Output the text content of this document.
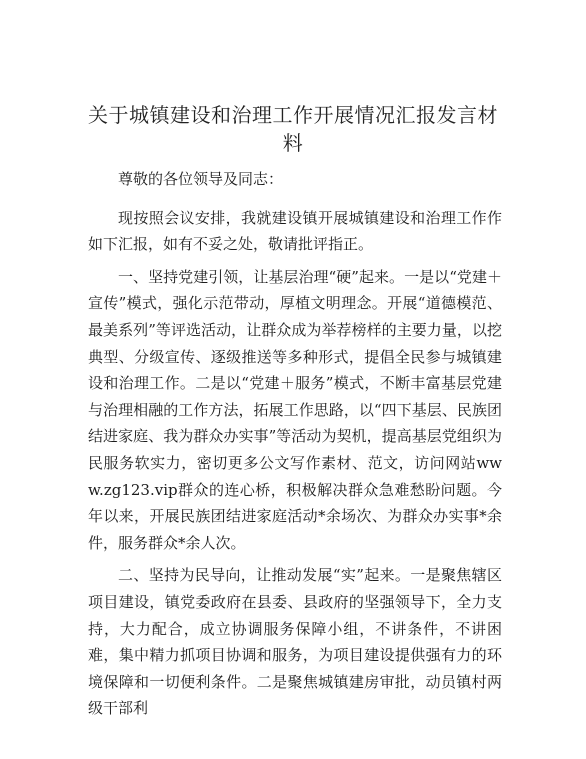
关于城镇建设和治理工作开展情况汇报发言材料

尊敬的各位领导及同志：

现按照会议安排，我就建设镇开展城镇建设和治理工作作如下汇报，如有不妥之处，敬请批评指正。

一、坚持党建引领，让基层治理“硬”起来。一是以“党建＋宣传”模式，强化示范带动，厚植文明理念。开展“道德模范、最美系列”等评选活动，让群众成为举荐榜样的主要力量，以挖典型、分级宣传、逐级推送等多种形式，提倡全民参与城镇建设和治理工作。二是以“党建＋服务”模式，不断丰富基层党建与治理相融的工作方法，拓展工作思路，以“四下基层、民族团结进家庭、我为群众办实事”等活动为契机，提高基层党组织为民服务软实力，密切更多公文写作素材、范文，访问网站www.zg123.vip群众的连心桥，积极解决群众急难愁盼问题。今年以来，开展民族团结进家庭活动*余场次、为群众办实事*余件，服务群众*余人次。

二、坚持为民导向，让推动发展“实”起来。一是聚焦辖区项目建设，镇党委政府在县委、县政府的坚强领导下，全力支持，大力配合，成立协调服务保障小组，不讲条件，不讲困难，集中精力抓项目协调和服务，为项目建设提供强有力的环境保障和一切便利条件。二是聚焦城镇建房审批，动员镇村两级干部利
